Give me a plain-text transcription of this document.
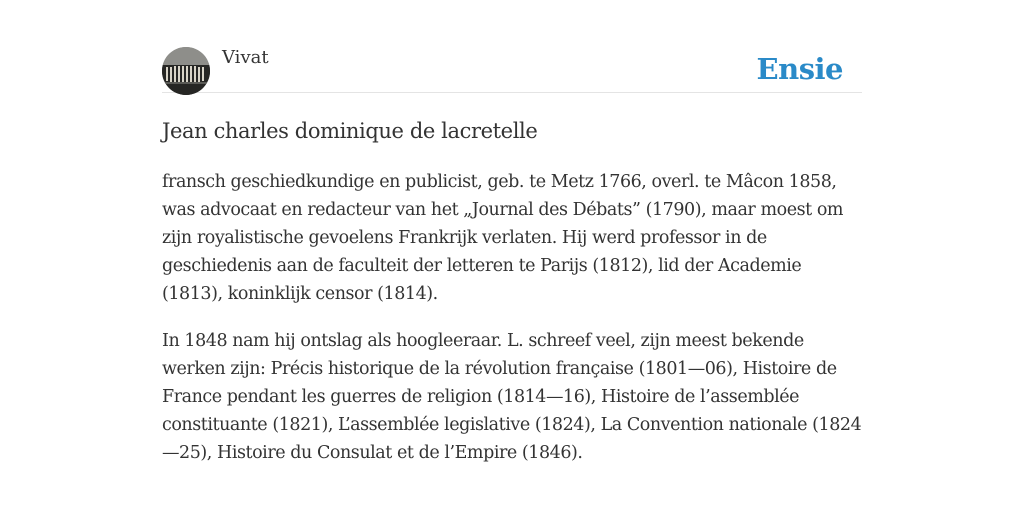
Vivat	Ensie
Jean charles dominique de lacretelle

fransch geschiedkundige en publicist, geb. te Metz 1766, overl. te Mâcon 1858, was advocaat en redacteur van het „Journal des Débats” (1790), maar moest om zijn royalistische gevoelens Frankrijk verlaten. Hij werd professor in de geschiedenis aan de faculteit der letteren te Parijs (1812), lid der Academie (1813), koninklijk censor (1814).

In 1848 nam hij ontslag als hoogleeraar. L. schreef veel, zijn meest bekende werken zijn: Précis historique de la révolution française (1801—06), Histoire de France pendant les guerres de religion (1814—16), Histoire de l’assemblée constituante (1821), L’assemblée legislative (1824), La Convention nationale (1824—25), Histoire du Consulat et de l’Empire (1846).
